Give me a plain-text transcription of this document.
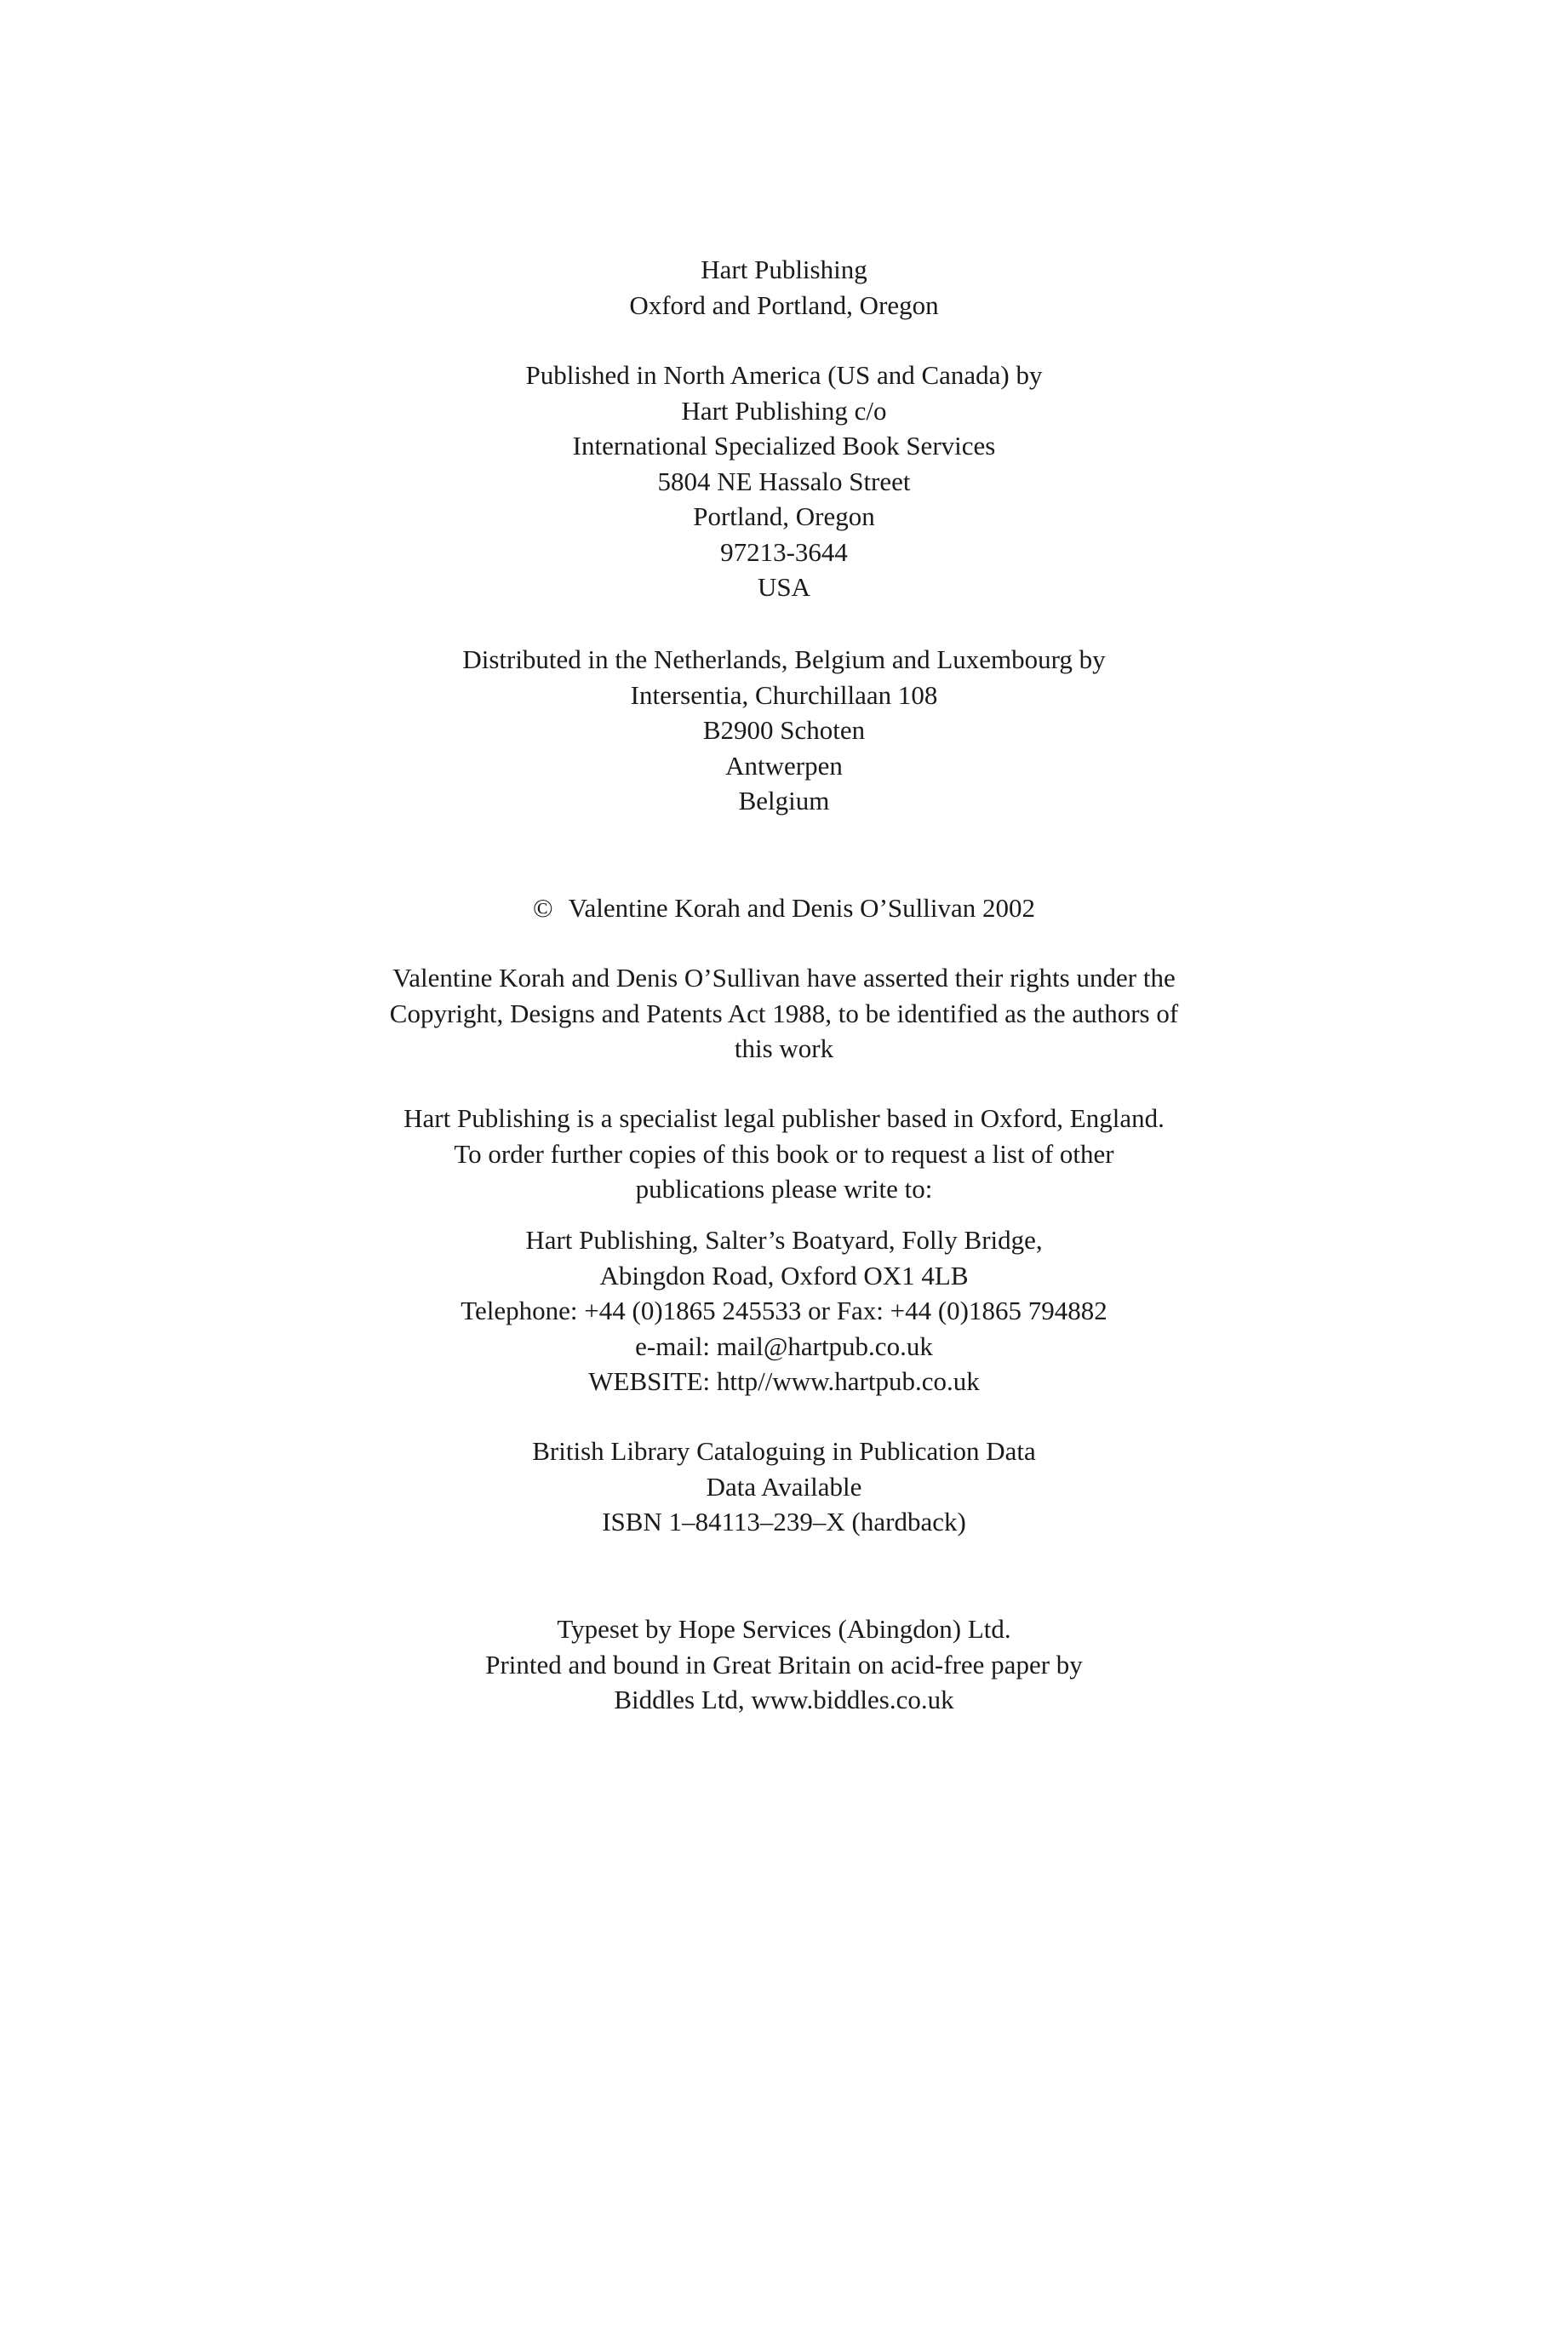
Hart Publishing
Oxford and Portland, Oregon
Published in North America (US and Canada) by
Hart Publishing c/o
International Specialized Book Services
5804 NE Hassalo Street
Portland, Oregon
97213-3644
USA
Distributed in the Netherlands, Belgium and Luxembourg by
Intersentia, Churchillaan 108
B2900 Schoten
Antwerpen
Belgium
© Valentine Korah and Denis O’Sullivan 2002
Valentine Korah and Denis O’Sullivan have asserted their rights under the
Copyright, Designs and Patents Act 1988, to be identified as the authors of
this work
Hart Publishing is a specialist legal publisher based in Oxford, England.
To order further copies of this book or to request a list of other
publications please write to:
Hart Publishing, Salter’s Boatyard, Folly Bridge,
Abingdon Road, Oxford OX1 4LB
Telephone: +44 (0)1865 245533 or Fax: +44 (0)1865 794882
e-mail: mail@hartpub.co.uk
WEBSITE: http//www.hartpub.co.uk
British Library Cataloguing in Publication Data
Data Available
ISBN 1–84113–239–X (hardback)
Typeset by Hope Services (Abingdon) Ltd.
Printed and bound in Great Britain on acid-free paper by
Biddles Ltd, www.biddles.co.uk
